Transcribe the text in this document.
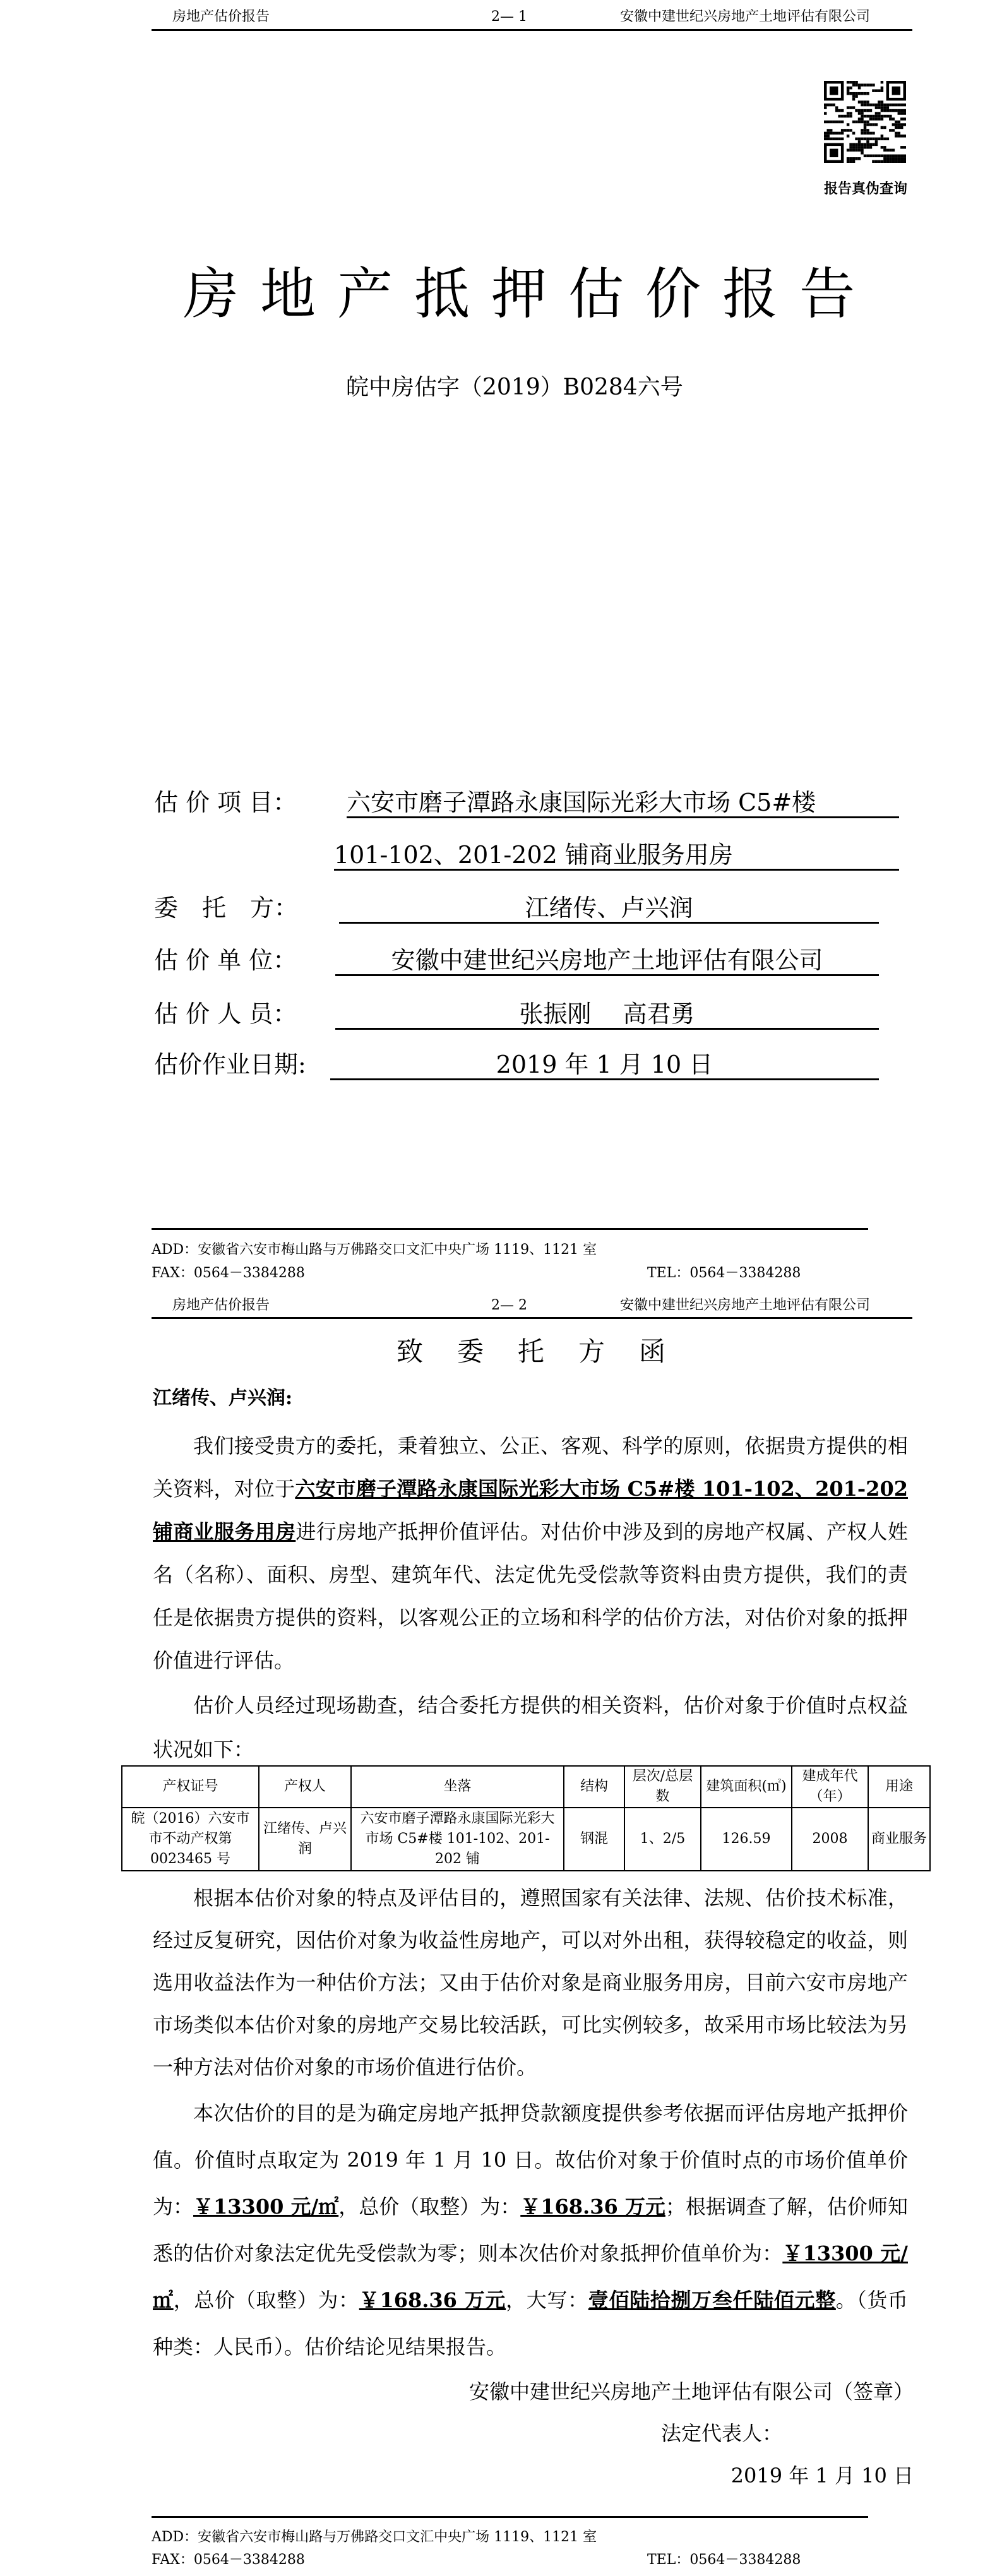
房地产估价报告	2— 1	安徽中建世纪兴房地产土地评估有限公司
报告真伪查询
房地产抵押估价报告
皖中房估字（2019）B0284六号
估 价 项 目： 六安市磨子潭路永康国际光彩大市场 C5#楼
101-102、201-202 铺商业服务用房
委　托　方：	江绪传、卢兴润
估 价 单 位：	安徽中建世纪兴房地产土地评估有限公司
估 价 人 员：	张振刚　 高君勇
估价作业日期:	2019 年 1 月 10 日
ADD：安徽省六安市梅山路与万佛路交口文汇中央广场 1119、1121 室
FAX：0564－3384288	TEL：0564－3384288
房地产估价报告	2— 2	安徽中建世纪兴房地产土地评估有限公司
致委托方函
江绪传、卢兴润:

我们接受贵方的委托，秉着独立、公正、客观、科学的原则，依据贵方提供的相关资料，对位于六安市磨子潭路永康国际光彩大市场 C5#楼 101-102、201-202 铺商业服务用房进行房地产抵押价值评估。对估价中涉及到的房地产权属、产权人姓名（名称）、面积、房型、建筑年代、法定优先受偿款等资料由贵方提供，我们的责任是依据贵方提供的资料，以客观公正的立场和科学的估价方法，对估价对象的抵押价值进行评估。

估价人员经过现场勘查，结合委托方提供的相关资料，估价对象于价值时点权益状况如下：

产权证号	产权人	坐落	结构	层次/总层数	建筑面积(㎡)	建成年代（年）	用途
皖（2016）六安市市不动产权第0023465 号	江绪传、卢兴润	六安市磨子潭路永康国际光彩大市场 C5#楼 101-102、201-202 铺	钢混	1、2/5	126.59	2008	商业服务

根据本估价对象的特点及评估目的，遵照国家有关法律、法规、估价技术标准，经过反复研究，因估价对象为收益性房地产，可以对外出租，获得较稳定的收益，则选用收益法作为一种估价方法；又由于估价对象是商业服务用房，目前六安市房地产市场类似本估价对象的房地产交易比较活跃，可比实例较多，故采用市场比较法为另一种方法对估价对象的市场价值进行估价。

本次估价的目的是为确定房地产抵押贷款额度提供参考依据而评估房地产抵押价值。价值时点取定为 2019 年 1 月 10 日。故估价对象于价值时点的市场价值单价为：￥13300 元/㎡，总价（取整）为：￥168.36 万元；根据调查了解，估价师知悉的估价对象法定优先受偿款为零；则本次估价对象抵押价值单价为：￥13300 元/㎡，总价（取整）为：￥168.36 万元，大写：壹佰陆拾捌万叁仟陆佰元整。（货币种类：人民币）。估价结论见结果报告。

安徽中建世纪兴房地产土地评估有限公司（签章）
法定代表人：
2019 年 1 月 10 日
ADD：安徽省六安市梅山路与万佛路交口文汇中央广场 1119、1121 室
FAX：0564－3384288	TEL：0564－3384288
